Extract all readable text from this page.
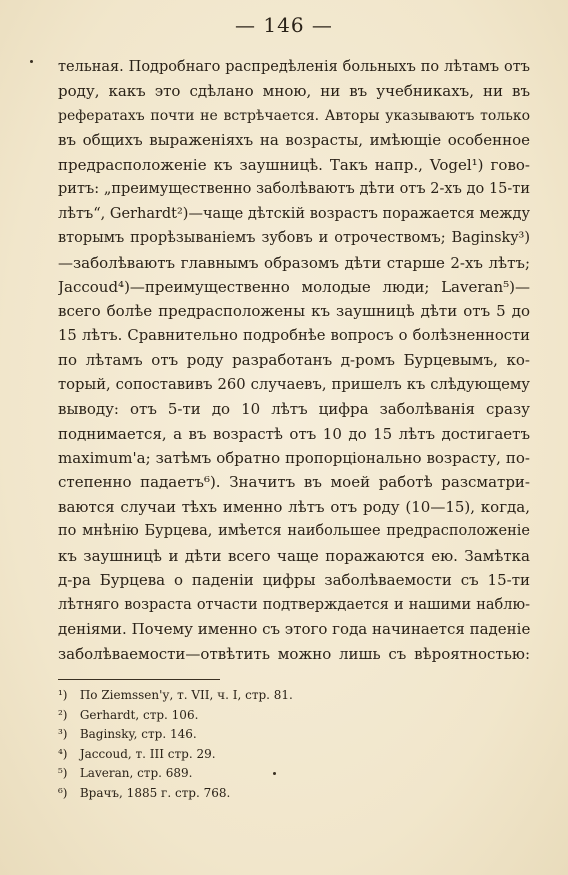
— 146 —
тельная. Подробнаго распредѣленія больныхъ по лѣтамъ отъ
роду, какъ это сдѣлано мною, ни въ учебникахъ, ни въ
рефератахъ почти не встрѣчается. Авторы указываютъ только
въ общихъ выраженіяхъ на возрасты, имѣющіе особенное
предрасположеніе къ заушницѣ. Такъ напр., Vogel¹) гово-
ритъ: „преимущественно заболѣваютъ дѣти отъ 2-хъ до 15-ти
лѣтъ“, Gerhardt²)—чаще дѣтскій возрастъ поражается между
вторымъ прорѣзываніемъ зубовъ и отрочествомъ; Baginsky³)
—заболѣваютъ главнымъ образомъ дѣти старше 2-хъ лѣтъ;
Jaccoud⁴)—преимущественно молодые люди; Laveran⁵)—
всего болѣе предрасположены къ заушницѣ дѣти отъ 5 до
15 лѣтъ. Сравнительно подробнѣе вопросъ о болѣзненности
по лѣтамъ отъ роду разработанъ д-ромъ Бурцевымъ, ко-
торый, сопоставивъ 260 случаевъ, пришелъ къ слѣдующему
выводу: отъ 5-ти до 10 лѣтъ цифра заболѣванія сразу
поднимается, а въ возрастѣ отъ 10 до 15 лѣтъ достигаетъ
maximum'а; затѣмъ обратно пропорціонально возрасту, по-
степенно падаетъ⁶). Значитъ въ моей работѣ разсматри-
ваются случаи тѣхъ именно лѣтъ отъ роду (10—15), когда,
по мнѣнію Бурцева, имѣется наибольшее предрасположеніе
къ заушницѣ и дѣти всего чаще поражаются ею. Замѣтка
д-ра Бурцева о паденіи цифры заболѣваемости съ 15-ти
лѣтняго возраста отчасти подтверждается и нашими наблю-
деніями. Почему именно съ этого года начинается паденіе
заболѣваемости—отвѣтить можно лишь съ вѣроятностью:
¹) По Ziemssen'у, т. VII, ч. I, стр. 81.
²) Gerhardt, стр. 106.
³) Baginsky, стр. 146.
⁴) Jaccoud, т. III стр. 29.
⁵) Laveran, стр. 689.
⁶) Врачъ, 1885 г. стр. 768.
